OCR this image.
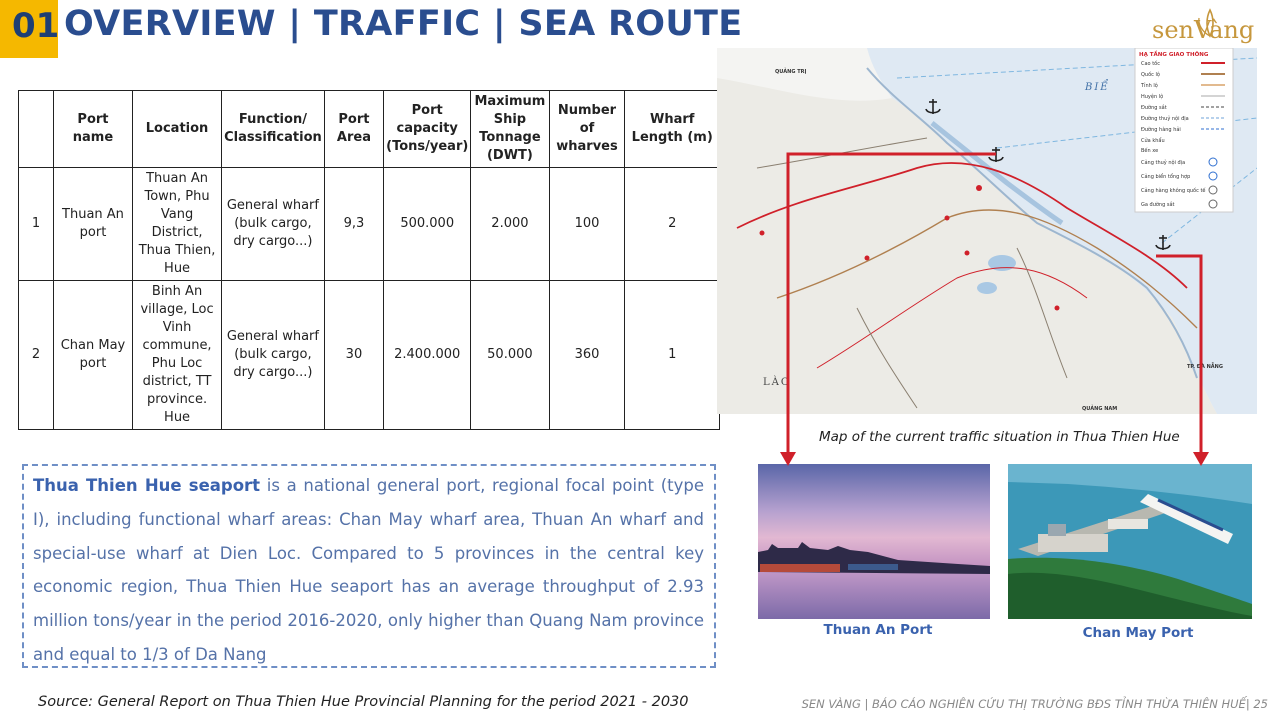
01 OVERVIEW | TRAFFIC | SEA ROUTE	senVàng
	Port name	Location	Function/ Classification	Port Area	Port capacity (Tons/year)	Maximum Ship Tonnage (DWT)	Number of wharves	Wharf Length (m)
1	Thuan An port	Thuan An Town, Phu Vang District, Thua Thien, Hue	General wharf (bulk cargo, dry cargo...)	9,3	500.000	2.000	100	2
2	Chan May port	Binh An village, Loc Vinh commune, Phu Loc district, TT province. Hue	General wharf (bulk cargo, dry cargo...)	30	2.400.000	50.000	360	1
Thua Thien Hue seaport is a national general port, regional focal point (type I), including functional wharf areas: Chan May wharf area, Thuan An wharf and special-use wharf at Dien Loc. Compared to 5 provinces in the central key economic region, Thua Thien Hue seaport has an average throughput of 2.93 million tons/year in the period 2016-2020, only higher than Quang Nam province and equal to 1/3 of Da Nang
HẠ TẦNG GIAO THÔNG
Cao tốc
Quốc lộ
Tỉnh lộ
Huyện lộ
Đường sắt
Đường thuỷ nội địa
Đường hàng hải
Cửa khẩu
Bến xe
Cảng thuỷ nội địa
Cảng biển tổng hợp
Cảng hàng không quốc tế
Ga đường sắt
QUẢNG TRỊ
BIỂ
LÀO
TP. ĐÀ NẴNG
QUẢNG NAM
Map of the current traffic situation in Thua Thien Hue
Thuan An Port	Chan May Port
Source: General Report on Thua Thien Hue Provincial Planning for the period 2021 - 2030	SEN VÀNG | BÁO CÁO NGHIÊN CỨU THỊ TRƯỜNG BĐS TỈNH THỪA THIÊN HUẾ| 25
